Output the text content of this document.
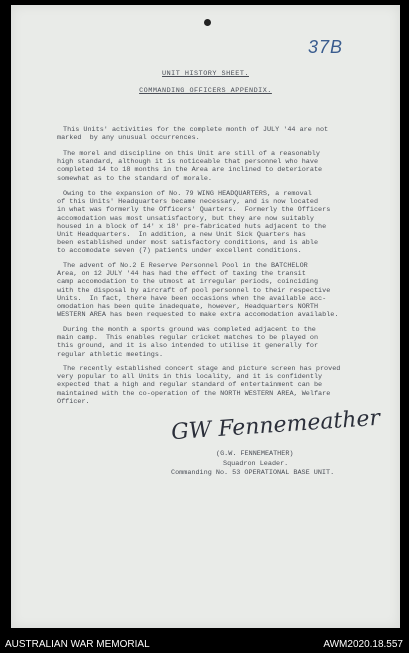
37B
UNIT HISTORY SHEET.
COMMANDING OFFICERS APPENDIX.
This Units' activities for the complete month of JULY '44 are not
marked  by any unusual occurrences.
The morel and discipline on this Unit are still of a reasonably
high standard, although it is noticeable that personnel who have
completed 14 to 18 months in the Area are inclined to deteriorate
somewhat as to the standard of morale.
Owing to the expansion of No. 79 WING HEADQUARTERS, a removal
of this Units' Headquarters became necessary, and is now located
in what was formerly the Officers' Quarters.  Formerly the Officers
accomodation was most unsatisfactory, but they are now suitably
housed in a block of 14' x 18' pre-fabricated huts adjacent to the
Unit Headquarters.  In addition, a new Unit Sick Quarters has
been established under most satisfactory conditions, and is able
to accomodate seven (7) patients under excellent conditions.
The advent of No.2 E Reserve Personnel Pool in the BATCHELOR
Area, on 12 JULY '44 has had the effect of taxing the transit
camp accomodation to the utmost at irregular periods, coinciding
with the disposal by aircraft of pool personnel to their respective
Units.  In fact, there have been occasions when the available acc-
omodation has been quite inadequate, however, Headquarters NORTH
WESTERN AREA has been requested to make extra accomodation available.
During the month a sports ground was completed adjacent to the
main camp.  This enables regular cricket matches to be played on
this ground, and it is also intended to utilise it generally for
regular athletic meetings.
The recently established concert stage and picture screen has proved
very popular to all Units in this locality, and it is confidently
expected that a high and regular standard of entertainment can be
maintained with the co-operation of the NORTH WESTERN AREA, Welfare
Officer.
GW Fennemeather
(G.W. FENNEMEATHER)
Squadron Leader.
Commanding No. 53 OPERATIONAL BASE UNIT.
AUSTRALIAN WAR MEMORIAL	AWM2020.18.557
